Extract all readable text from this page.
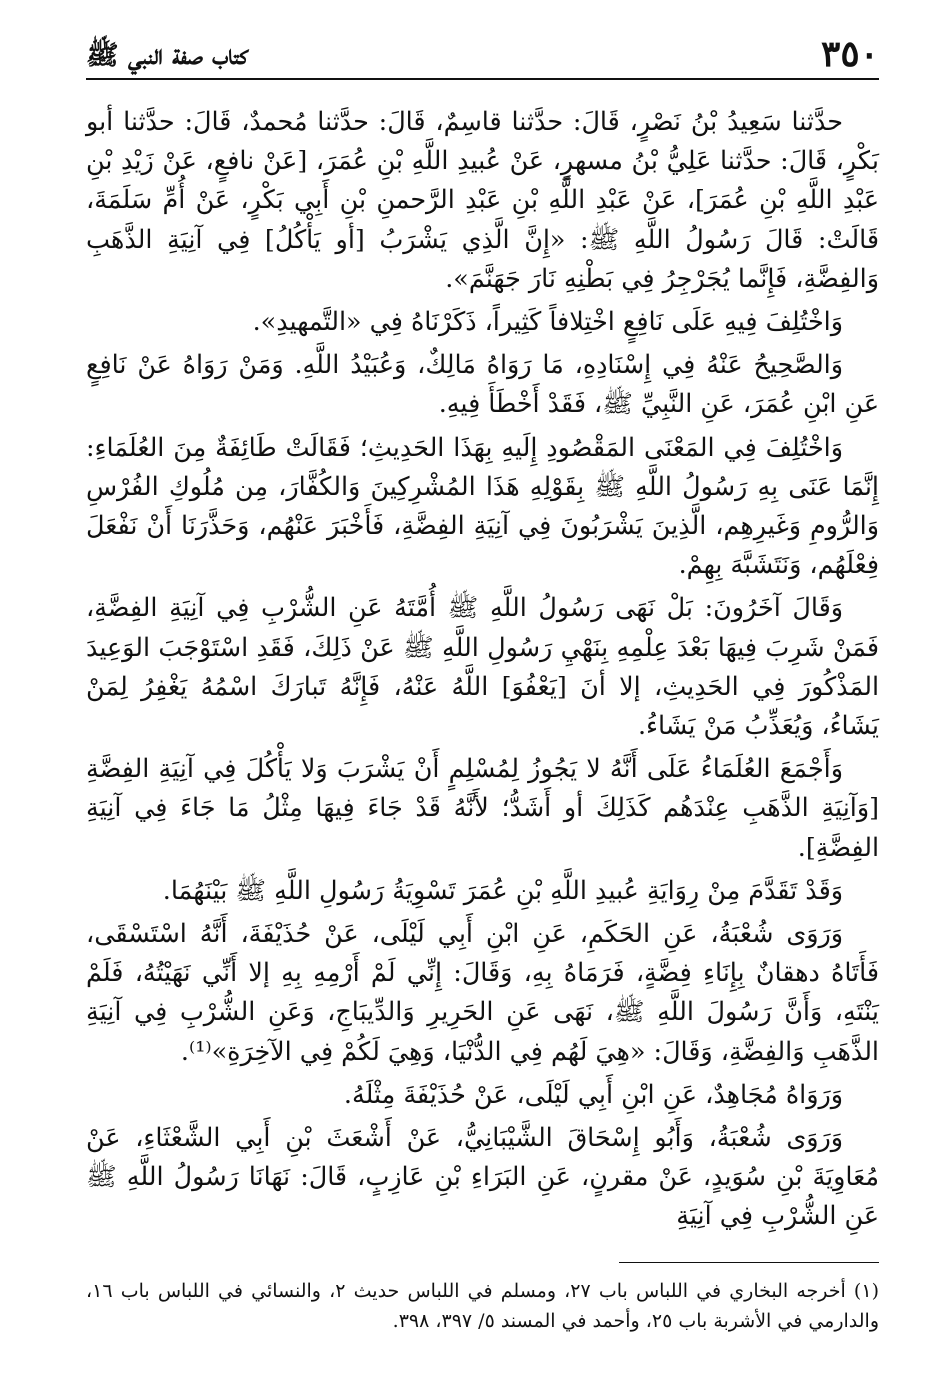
٣٥٠
كتاب صفة النبي ﷺ

حدَّثنا سَعِيدُ بْنُ نَصْرٍ، قَالَ: حدَّثنا قاسِمٌ، قَالَ: حدَّثنا مُحمدٌ، قَالَ: حدَّثنا أبو بَكْرٍ، قَالَ: حدَّثنا عَلِيُّ بْنُ مسهرٍ، عَنْ عُبيدِ اللَّهِ بْنِ عُمَرَ، [عَنْ نافعٍ، عَنْ زَيْدِ بْنِ عَبْدِ اللَّهِ بْنِ عُمَرَ]، عَنْ عَبْدِ اللَّهِ بْنِ عَبْدِ الرَّحمنِ بْنِ أَبِي بَكْرٍ، عَنْ أُمِّ سَلَمَةَ، قَالَتْ: قَالَ رَسُولُ اللَّهِ ﷺ: «إِنَّ الَّذِي يَشْرَبُ [أو يَأْكُلُ] فِي آنِيَةِ الذَّهَبِ وَالفِضَّةِ، فَإِنَّما يُجَرْجِرُ فِي بَطْنِهِ نَارَ جَهَنَّمَ».

وَاخْتُلِفَ فِيهِ عَلَى نَافِعٍ اخْتِلافاً كَثِيراً، ذَكَرْنَاهُ فِي «التَّمهيدِ».

وَالصَّحِيحُ عَنْهُ فِي إِسْنَادِهِ، مَا رَوَاهُ مَالِكٌ، وَعُبَيْدُ اللَّهِ. وَمَنْ رَوَاهُ عَنْ نَافِعٍ عَنِ ابْنِ عُمَرَ، عَنِ النَّبِيِّ ﷺ، فَقَدْ أَخْطَأَ فِيهِ.

وَاخْتُلِفَ فِي المَعْنَى المَقْصُودِ إِلَيهِ بِهَذَا الحَدِيثِ؛ فَقَالَتْ طَائِفَةٌ مِنَ العُلَمَاءِ: إِنَّمَا عَنَى بِهِ رَسُولُ اللَّهِ ﷺ بِقَوْلِهِ هَذَا المُشْرِكِينَ وَالكُفَّارَ، مِن مُلُوكِ الفُرْسِ وَالرُّومِ وَغَيرِهِم، الَّذِينَ يَشْرَبُونَ فِي آنِيَةِ الفِضَّةِ، فَأَخْبَرَ عَنْهُم، وَحَذَّرَنَا أَنْ نَفْعَلَ فِعْلَهُم، وَنَتَشَبَّهَ بِهِمْ.

وَقَالَ آخَرُونَ: بَلْ نَهَى رَسُولُ اللَّهِ ﷺ أُمَّتَهُ عَنِ الشُّرْبِ فِي آنِيَةِ الفِضَّةِ، فَمَنْ شَرِبَ فِيهَا بَعْدَ عِلْمِهِ بِنَهْيِ رَسُولِ اللَّهِ ﷺ عَنْ ذَلِكَ، فَقَدِ اسْتَوْجَبَ الوَعِيدَ المَذْكُورَ فِي الحَدِيثِ، إلا أنَ [يَعْفُوَ] اللَّهُ عَنْهُ، فَإِنَّهُ تَبارَكَ اسْمُهُ يَغْفِرُ لِمَنْ يَشَاءُ، وَيُعَذِّبُ مَنْ يَشَاءُ.

وَأَجْمَعَ العُلَمَاءُ عَلَى أَنَّهُ لا يَجُوزُ لِمُسْلِمٍ أَنْ يَشْرَبَ وَلا يَأْكُلَ فِي آنِيَةِ الفِضَّةِ [وَآنِيَةِ الذَّهَبِ عِنْدَهُم كَذَلِكَ أو أَشَدُّ؛ لأَنَّهُ قَدْ جَاءَ فِيهَا مِثْلُ مَا جَاءَ فِي آنِيَةِ الفِضَّةِ].

وَقَدْ تَقَدَّمَ مِنْ رِوَايَةِ عُبيدِ اللَّهِ بْنِ عُمَرَ تَسْوِيَةُ رَسُولِ اللَّهِ ﷺ بَيْنَهُمَا.

وَرَوَى شُعْبَةُ، عَنِ الحَكَمِ، عَنِ ابْنِ أَبِي لَيْلَى، عَنْ حُذَيْفَةَ، أَنَّهُ اسْتَسْقَى، فَأَتَاهُ دهقانٌ بِإِنَاءِ فِضَّةٍ، فَرَمَاهُ بِهِ، وَقَالَ: إِنِّي لَمْ أَرْمِهِ بِهِ إلا أَنِّي نَهَيْتُهُ، فَلَمْ يَنْتَهِ، وَأَنَّ رَسُولَ اللَّهِ ﷺ، نَهَى عَنِ الحَرِيرِ وَالدِّيبَاجِ، وَعَنِ الشُّرْبِ فِي آنِيَةِ الذَّهَبِ وَالفِضَّةِ، وَقَالَ: «هِيَ لَهُم فِي الدُّنْيَا، وَهِيَ لَكُمْ فِي الآخِرَةِ»⁽¹⁾.

وَرَوَاهُ مُجَاهِدٌ، عَنِ ابْنِ أَبِي لَيْلَى، عَنْ حُذَيْفَةَ مِثْلَهُ.

وَرَوَى شُعْبَةُ، وَأَبُو إِسْحَاقَ الشَّيْبَانِيُّ، عَنْ أَشْعَثَ بْنِ أَبِي الشَّعْثَاءِ، عَنْ مُعَاوِيَةَ بْنِ سُوَيدٍ، عَنْ مقرنٍ، عَنِ البَرَاءِ بْنِ عَازِبٍ، قَالَ: نَهَانَا رَسُولُ اللَّهِ ﷺ عَنِ الشُّرْبِ فِي آنِيَةِ

(١) أخرجه البخاري في اللباس باب ٢٧، ومسلم في اللباس حديث ٢، والنسائي في اللباس باب ١٦، والدارمي في الأشربة باب ٢٥، وأحمد في المسند ٥/ ٣٩٧، ٣٩٨.
